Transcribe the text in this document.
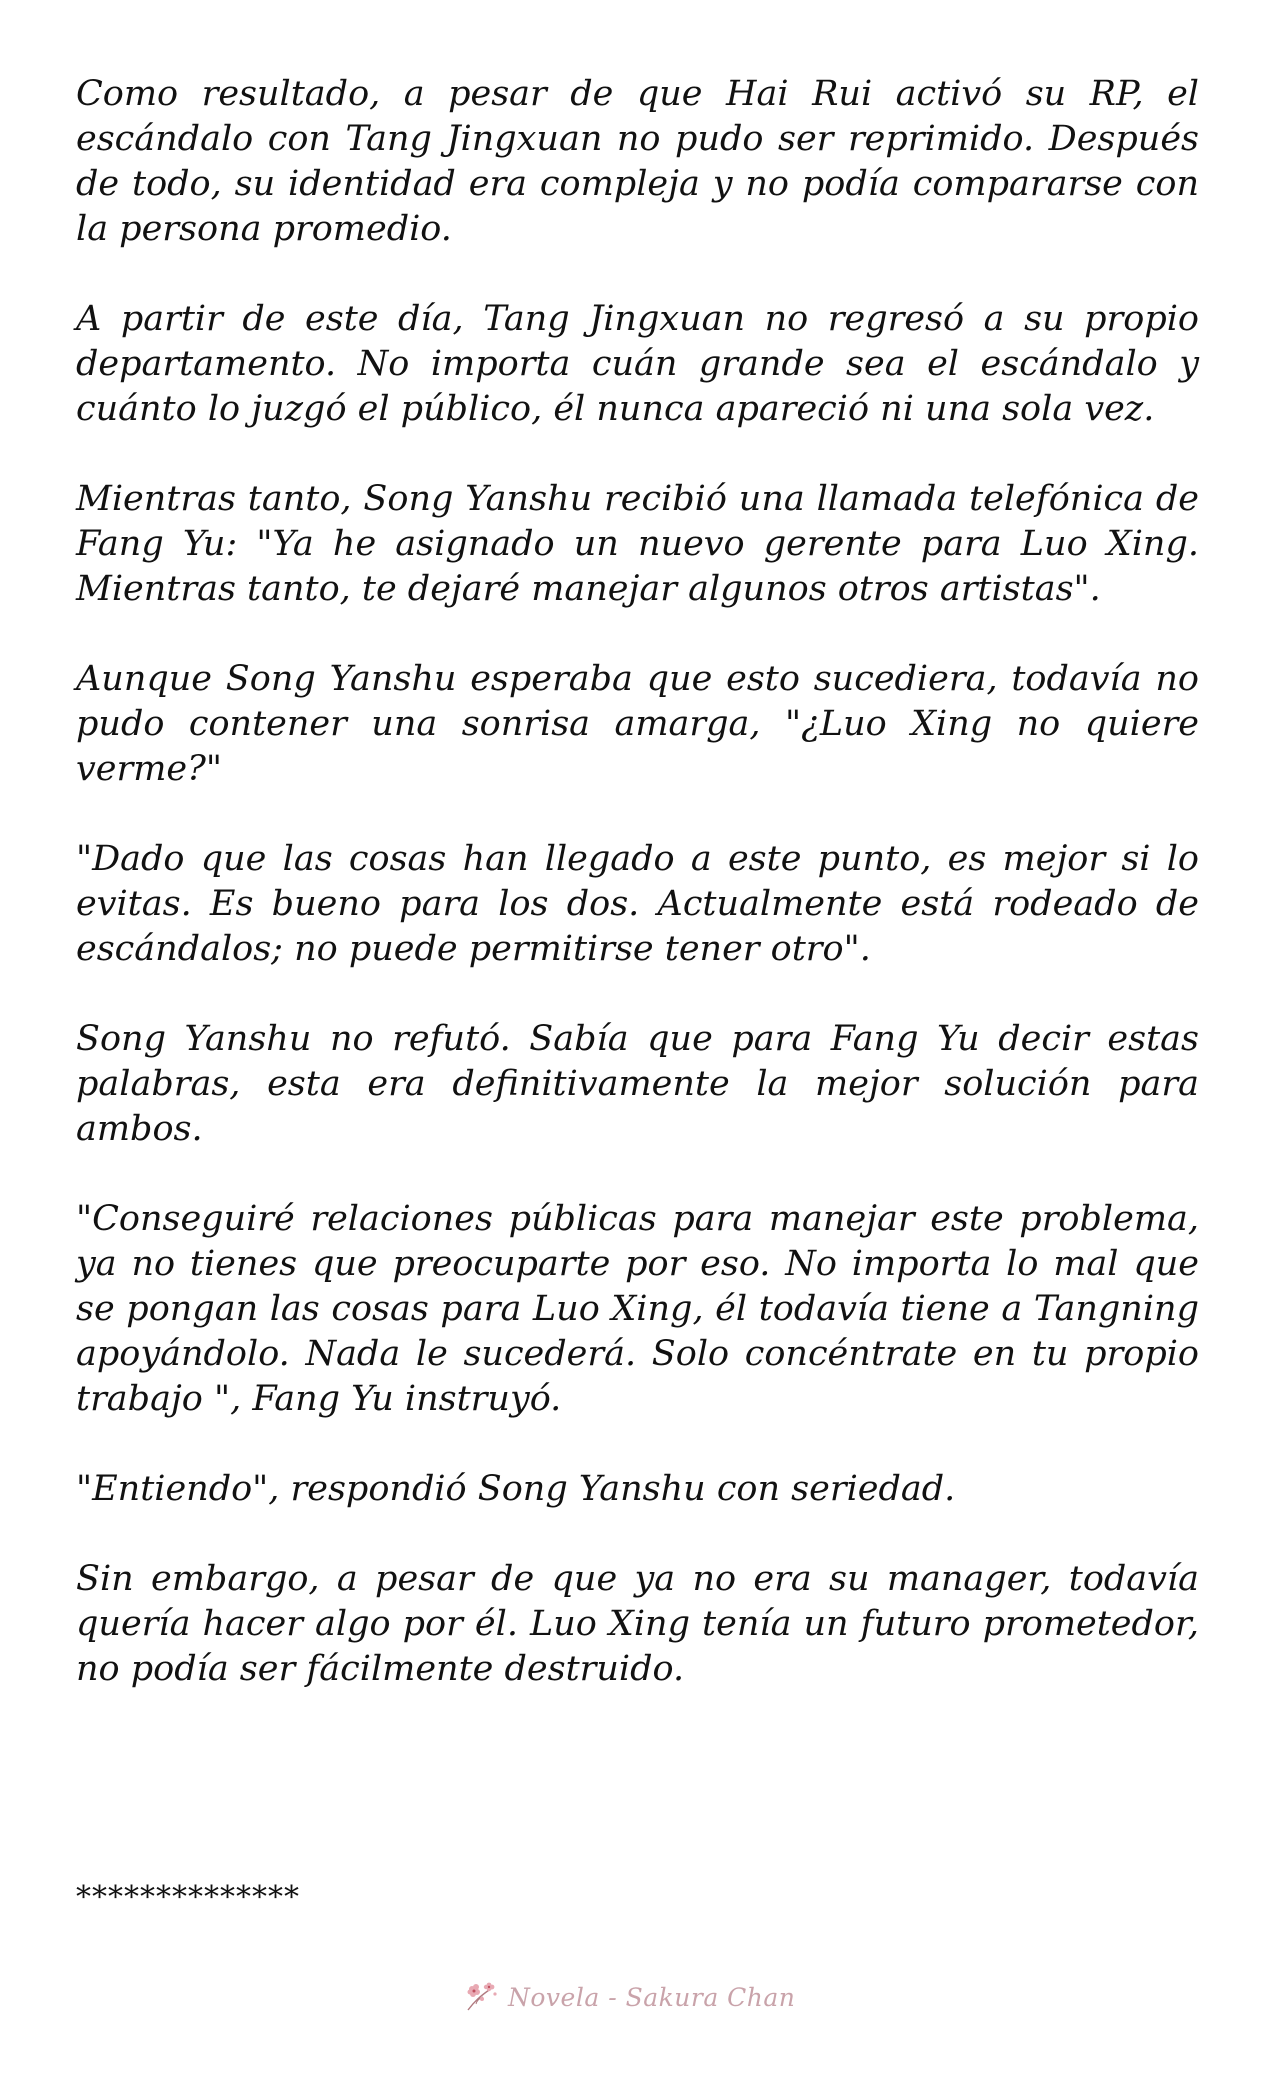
Como resultado, a pesar de que Hai Rui activó su RP, el escándalo con Tang Jingxuan no pudo ser reprimido. Después de todo, su identidad era compleja y no podía compararse con la persona promedio.

A partir de este día, Tang Jingxuan no regresó a su propio departamento. No importa cuán grande sea el escándalo y cuánto lo juzgó el público, él nunca apareció ni una sola vez.

Mientras tanto, Song Yanshu recibió una llamada telefónica de Fang Yu: "Ya he asignado un nuevo gerente para Luo Xing. Mientras tanto, te dejaré manejar algunos otros artistas".

Aunque Song Yanshu esperaba que esto sucediera, todavía no pudo contener una sonrisa amarga, "¿Luo Xing no quiere verme?"

"Dado que las cosas han llegado a este punto, es mejor si lo evitas. Es bueno para los dos. Actualmente está rodeado de escándalos; no puede permitirse tener otro".

Song Yanshu no refutó. Sabía que para Fang Yu decir estas palabras, esta era definitivamente la mejor solución para ambos.

"Conseguiré relaciones públicas para manejar este problema, ya no tienes que preocuparte por eso. No importa lo mal que se pongan las cosas para Luo Xing, él todavía tiene a Tangning apoyándolo. Nada le sucederá. Solo concéntrate en tu propio trabajo ", Fang Yu instruyó.

"Entiendo", respondió Song Yanshu con seriedad.

Sin embargo, a pesar de que ya no era su manager, todavía quería hacer algo por él. Luo Xing tenía un futuro prometedor, no podía ser fácilmente destruido.

**************

Novela - Sakura Chan
